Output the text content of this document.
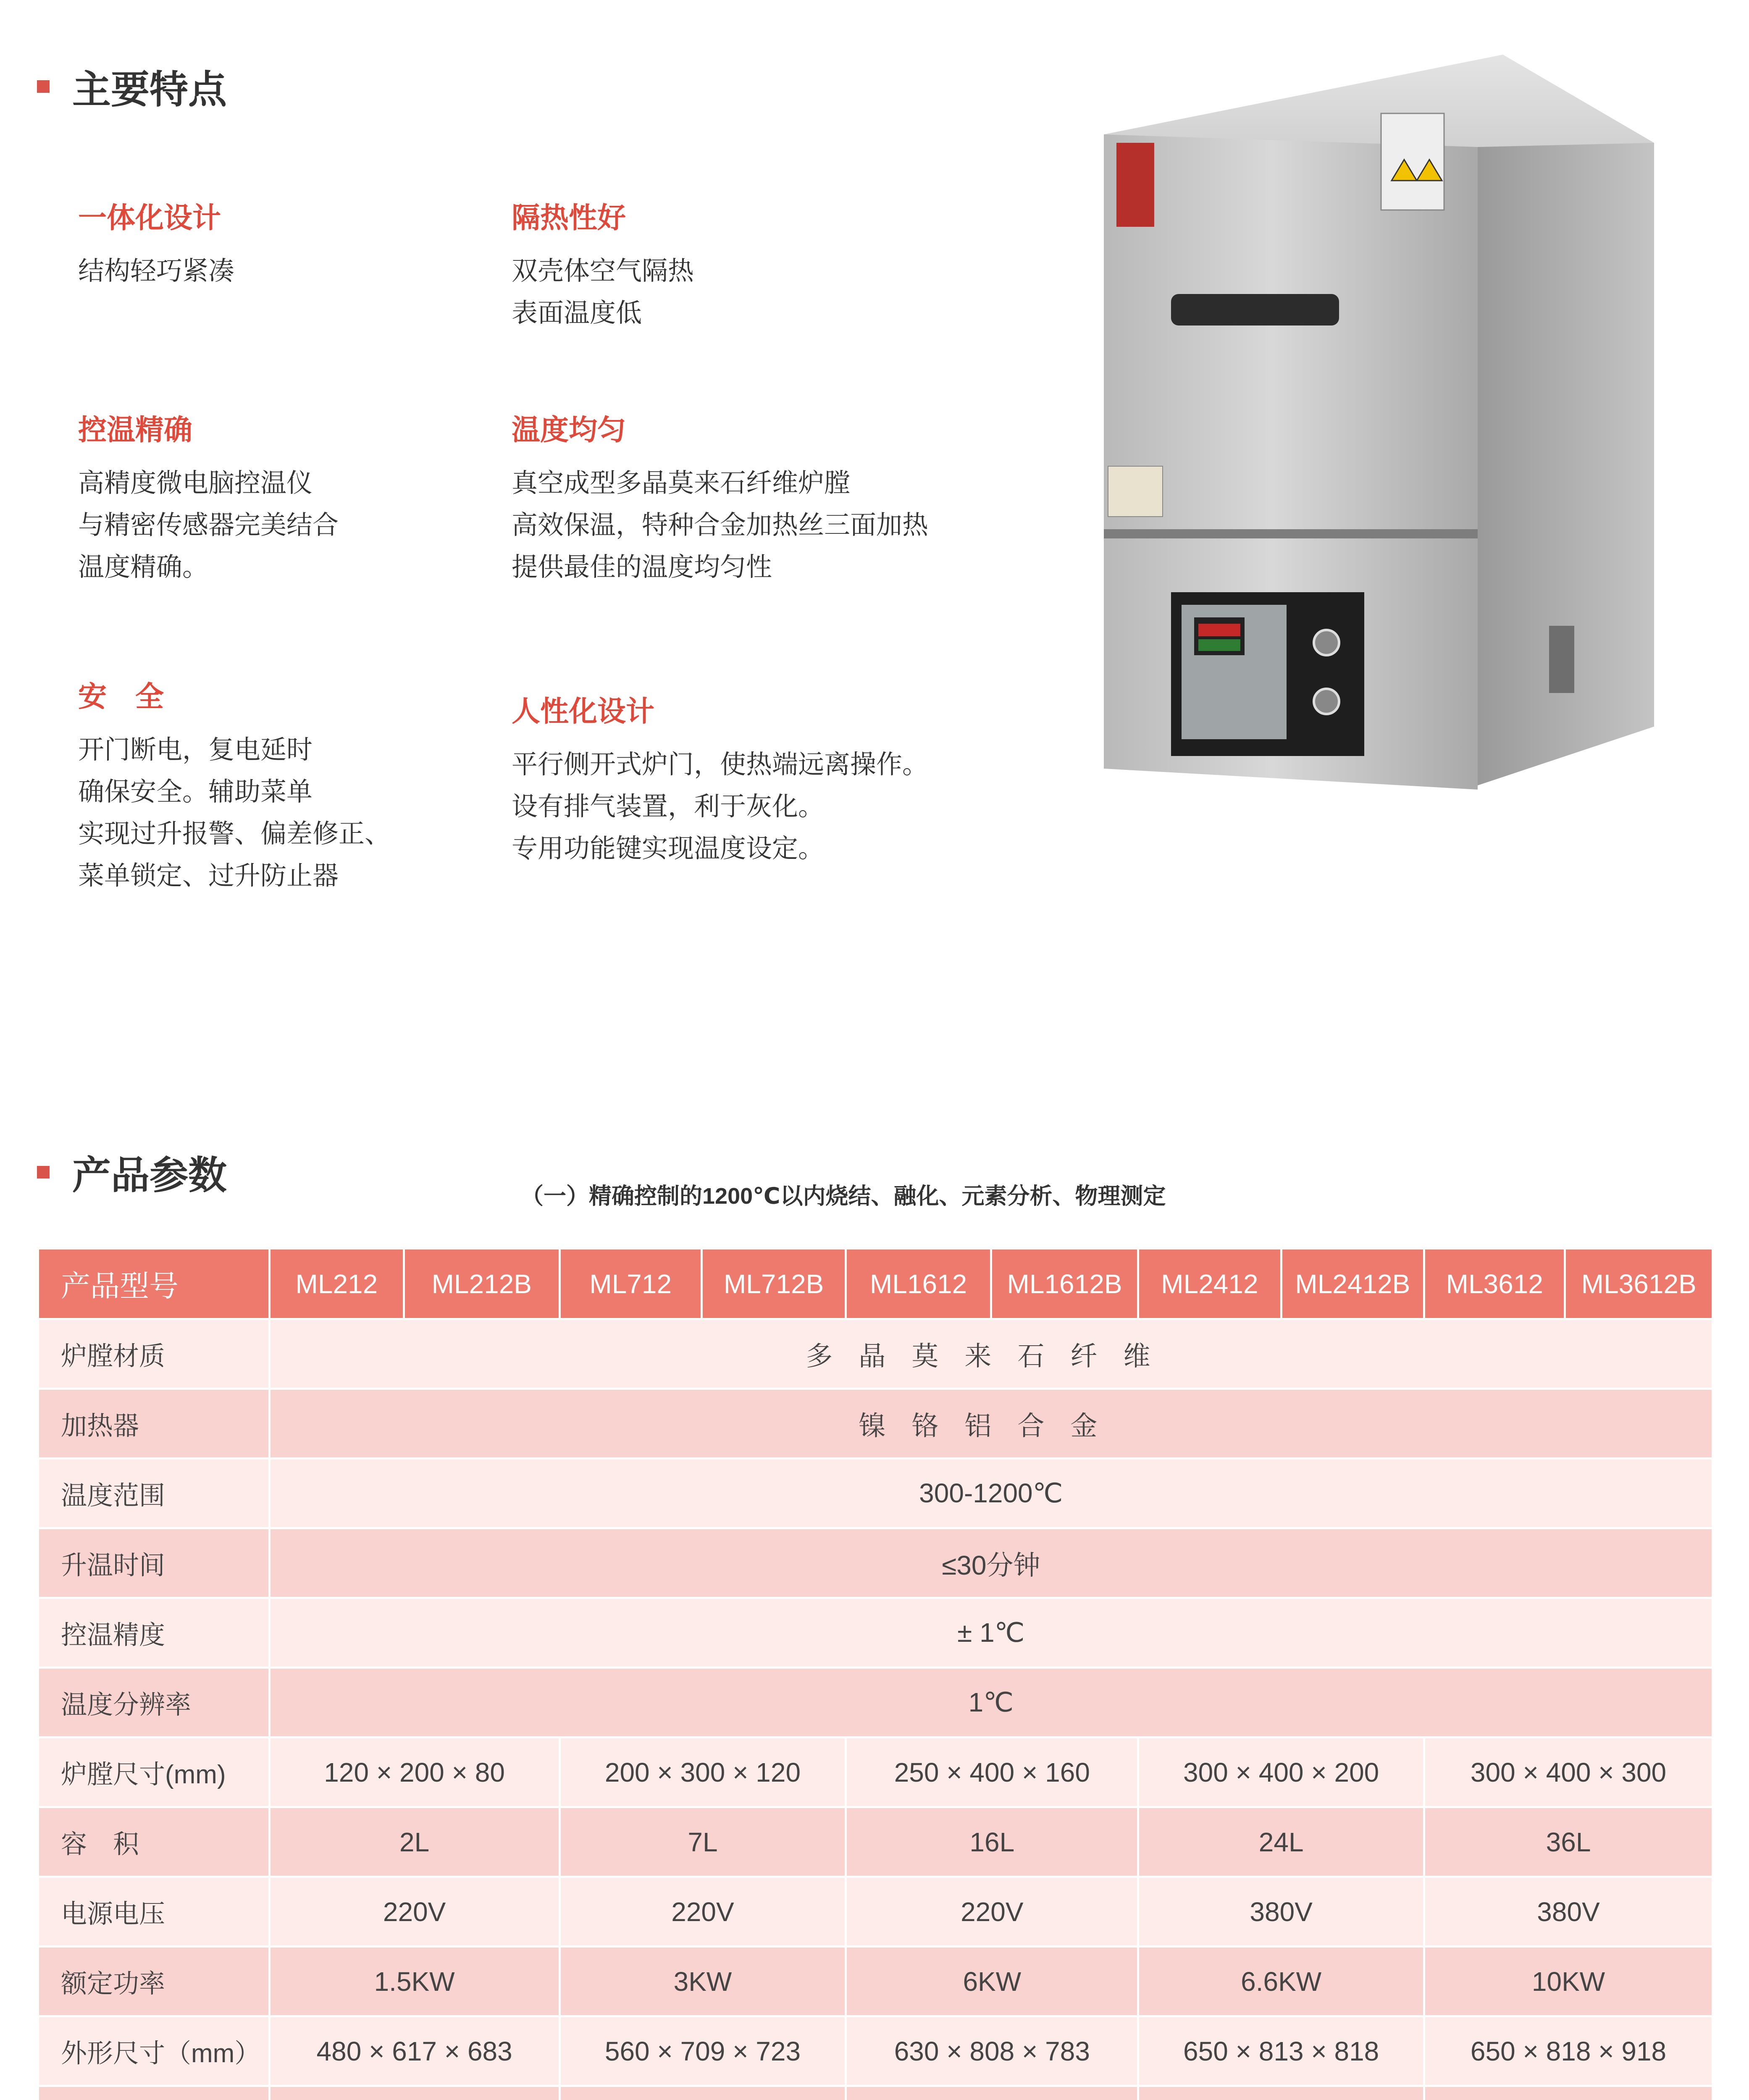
主要特点
一体化设计
结构轻巧紧凑
隔热性好
双壳体空气隔热
表面温度低
控温精确
高精度微电脑控温仪
与精密传感器完美结合
温度精确。
温度均匀
真空成型多晶莫来石纤维炉膛
高效保温，特种合金加热丝三面加热
提供最佳的温度均匀性
安　全
开门断电，复电延时
确保安全。辅助菜单
实现过升报警、偏差修正、
菜单锁定、过升防止器
人性化设计
平行侧开式炉门，使热端远离操作。
设有排气装置，利于灰化。
专用功能键实现温度设定。
产品参数	（一）精确控制的1200℃以内烧结、融化、元素分析、物理测定
产品型号	ML212	ML212B	ML712	ML712B	ML1612	ML1612B	ML2412	ML2412B	ML3612	ML3612B
炉膛材质	多晶莫来石纤维									
加热器	镍铬铝合金									
温度范围	300-1200℃									
升温时间	≤30分钟									
控温精度	± 1℃									
温度分辨率	1℃									
炉膛尺寸(mm)	120 × 200 × 80		200 × 300 × 120		250 × 400 × 160		300 × 400 × 200		300 × 400 × 300	
容　积	2L		7L		16L		24L		36L	
电源电压	220V		220V		220V		380V		380V	
额定功率	1.5KW		3KW		6KW		6.6KW		10KW	
外形尺寸（mm）	480 × 617 × 683		560 × 709 × 723		630 × 808 × 783		650 × 813 × 818		650 × 818 × 918	
